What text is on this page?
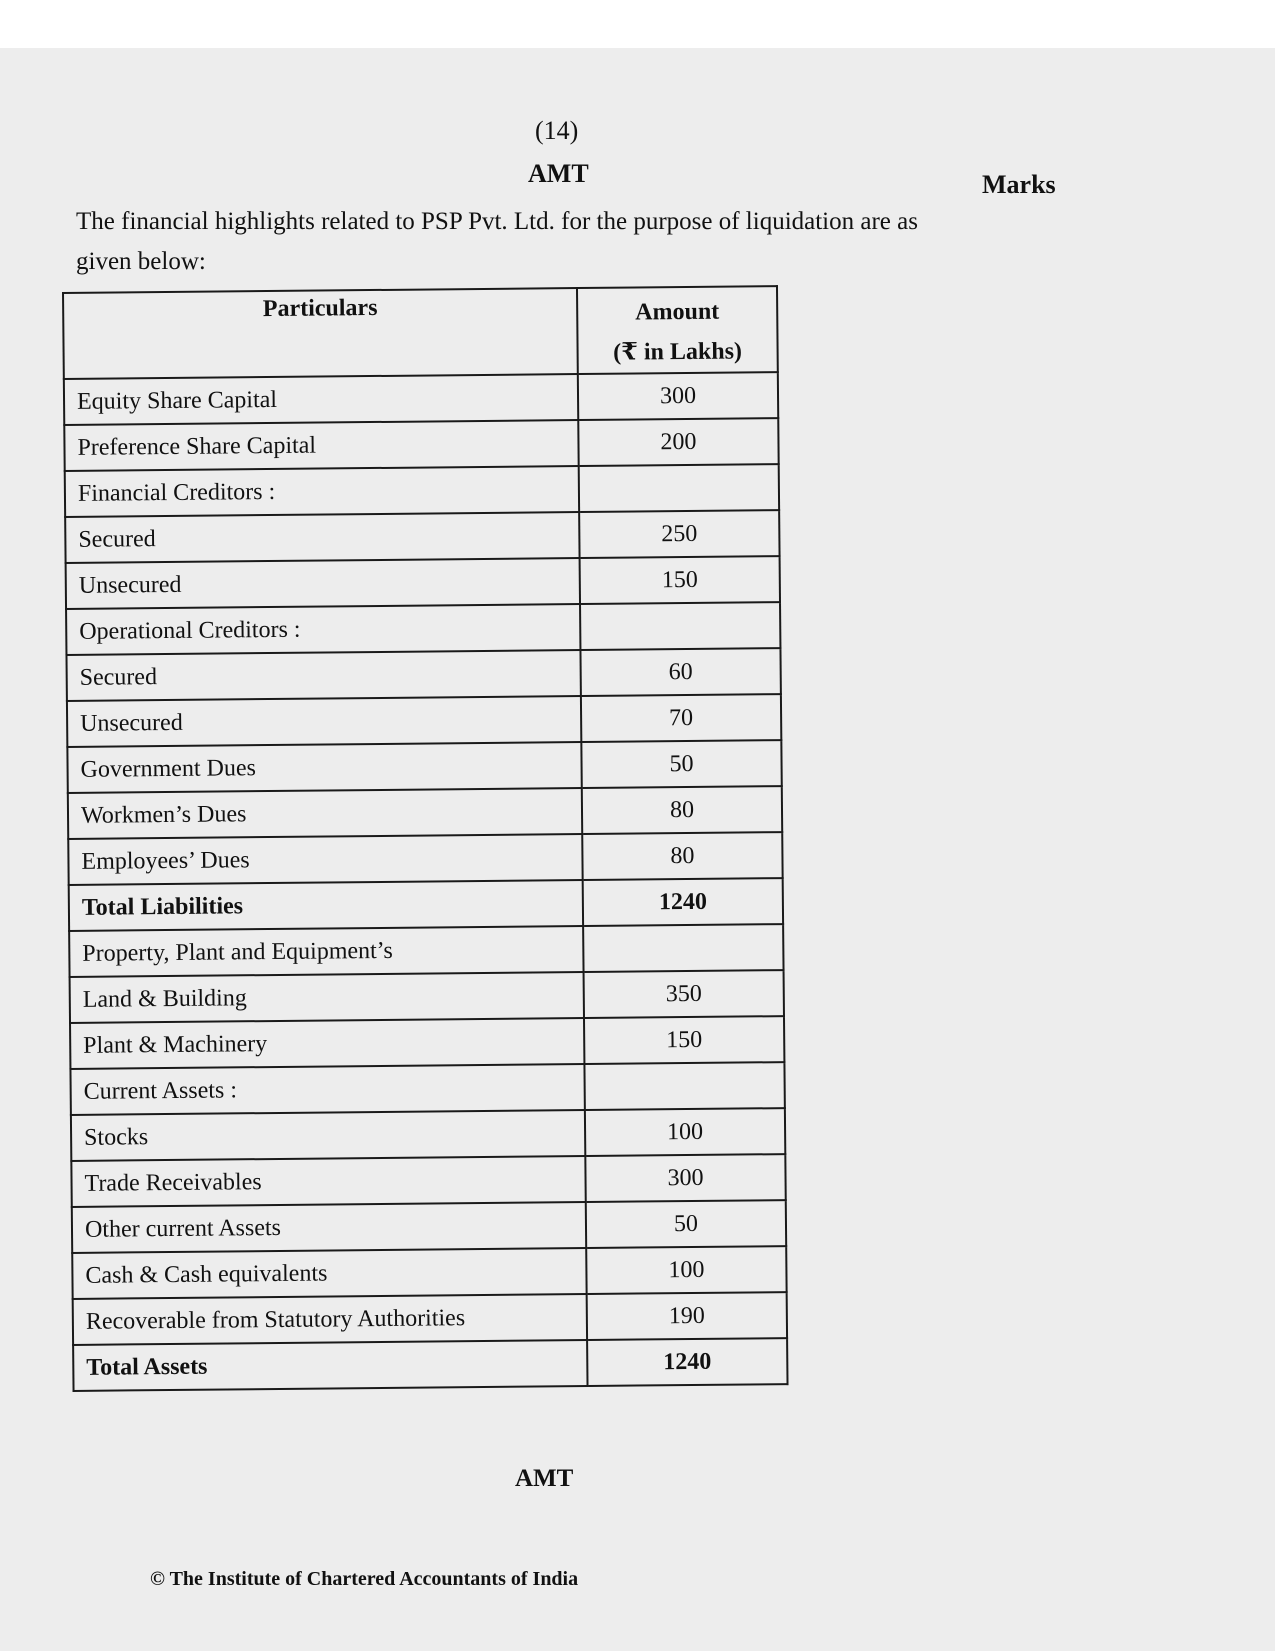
(14)
AMT	Marks
The financial highlights related to PSP Pvt. Ltd. for the purpose of liquidation are as given below:
Particulars	Amount
(₹ in Lakhs)

Equity Share Capital	300
Preference Share Capital	200
Financial Creditors :	
Secured	250
Unsecured	150
Operational Creditors :	
Secured	60
Unsecured	70
Government Dues	50
Workmen’s Dues	80
Employees’ Dues	80
Total Liabilities	1240
Property, Plant and Equipment’s	
Land & Building	350
Plant & Machinery	150
Current Assets :	
Stocks	100
Trade Receivables	300
Other current Assets	50
Cash & Cash equivalents	100
Recoverable from Statutory Authorities	190
Total Assets	1240
AMT
© The Institute of Chartered Accountants of India
